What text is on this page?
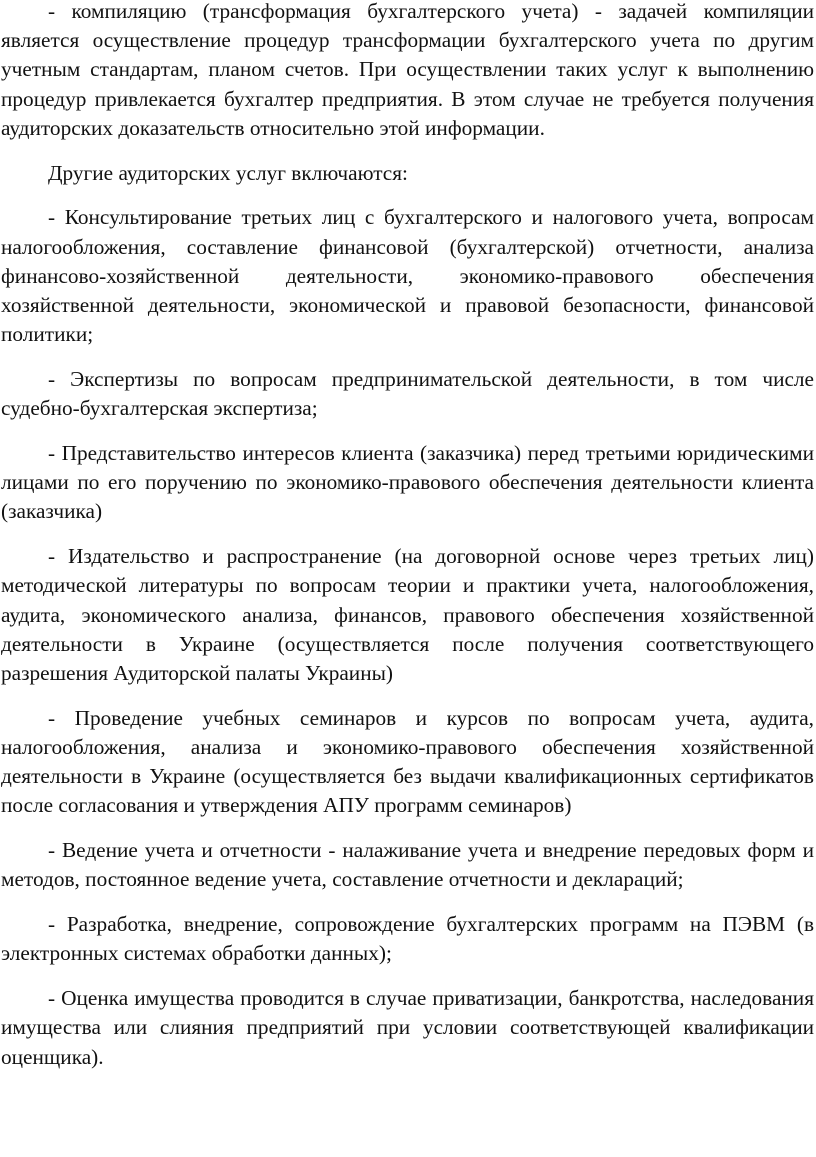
- компиляцию (трансформация бухгалтерского учета) - задачей компиляции является осуществление процедур трансформации бухгалтерского учета по другим учетным стандартам, планом счетов. При осуществлении таких услуг к выполнению процедур привлекается бухгалтер предприятия. В этом случае не требуется получения аудиторских доказательств относительно этой информации.

Другие аудиторских услуг включаются:

- Консультирование третьих лиц с бухгалтерского и налогового учета, вопросам налогообложения, составление финансовой (бухгалтерской) отчетности, анализа финансово-хозяйственной деятельности, экономико-правового обеспечения хозяйственной деятельности, экономической и правовой безопасности, финансовой политики;

- Экспертизы по вопросам предпринимательской деятельности, в том числе судебно-бухгалтерская экспертиза;

- Представительство интересов клиента (заказчика) перед третьими юридическими лицами по его поручению по экономико-правового обеспечения деятельности клиента (заказчика)

- Издательство и распространение (на договорной основе через третьих лиц) методической литературы по вопросам теории и практики учета, налогообложения, аудита, экономического анализа, финансов, правового обеспечения хозяйственной деятельности в Украине (осуществляется после получения соответствующего разрешения Аудиторской палаты Украины)

- Проведение учебных семинаров и курсов по вопросам учета, аудита, налогообложения, анализа и экономико-правового обеспечения хозяйственной деятельности в Украине (осуществляется без выдачи квалификационных сертификатов после согласования и утверждения АПУ программ семинаров)

- Ведение учета и отчетности - налаживание учета и внедрение передовых форм и методов, постоянное ведение учета, составление отчетности и деклараций;

- Разработка, внедрение, сопровождение бухгалтерских программ на ПЭВМ (в электронных системах обработки данных);

- Оценка имущества проводится в случае приватизации, банкротства, наследования имущества или слияния предприятий при условии соответствующей квалификации оценщика).
